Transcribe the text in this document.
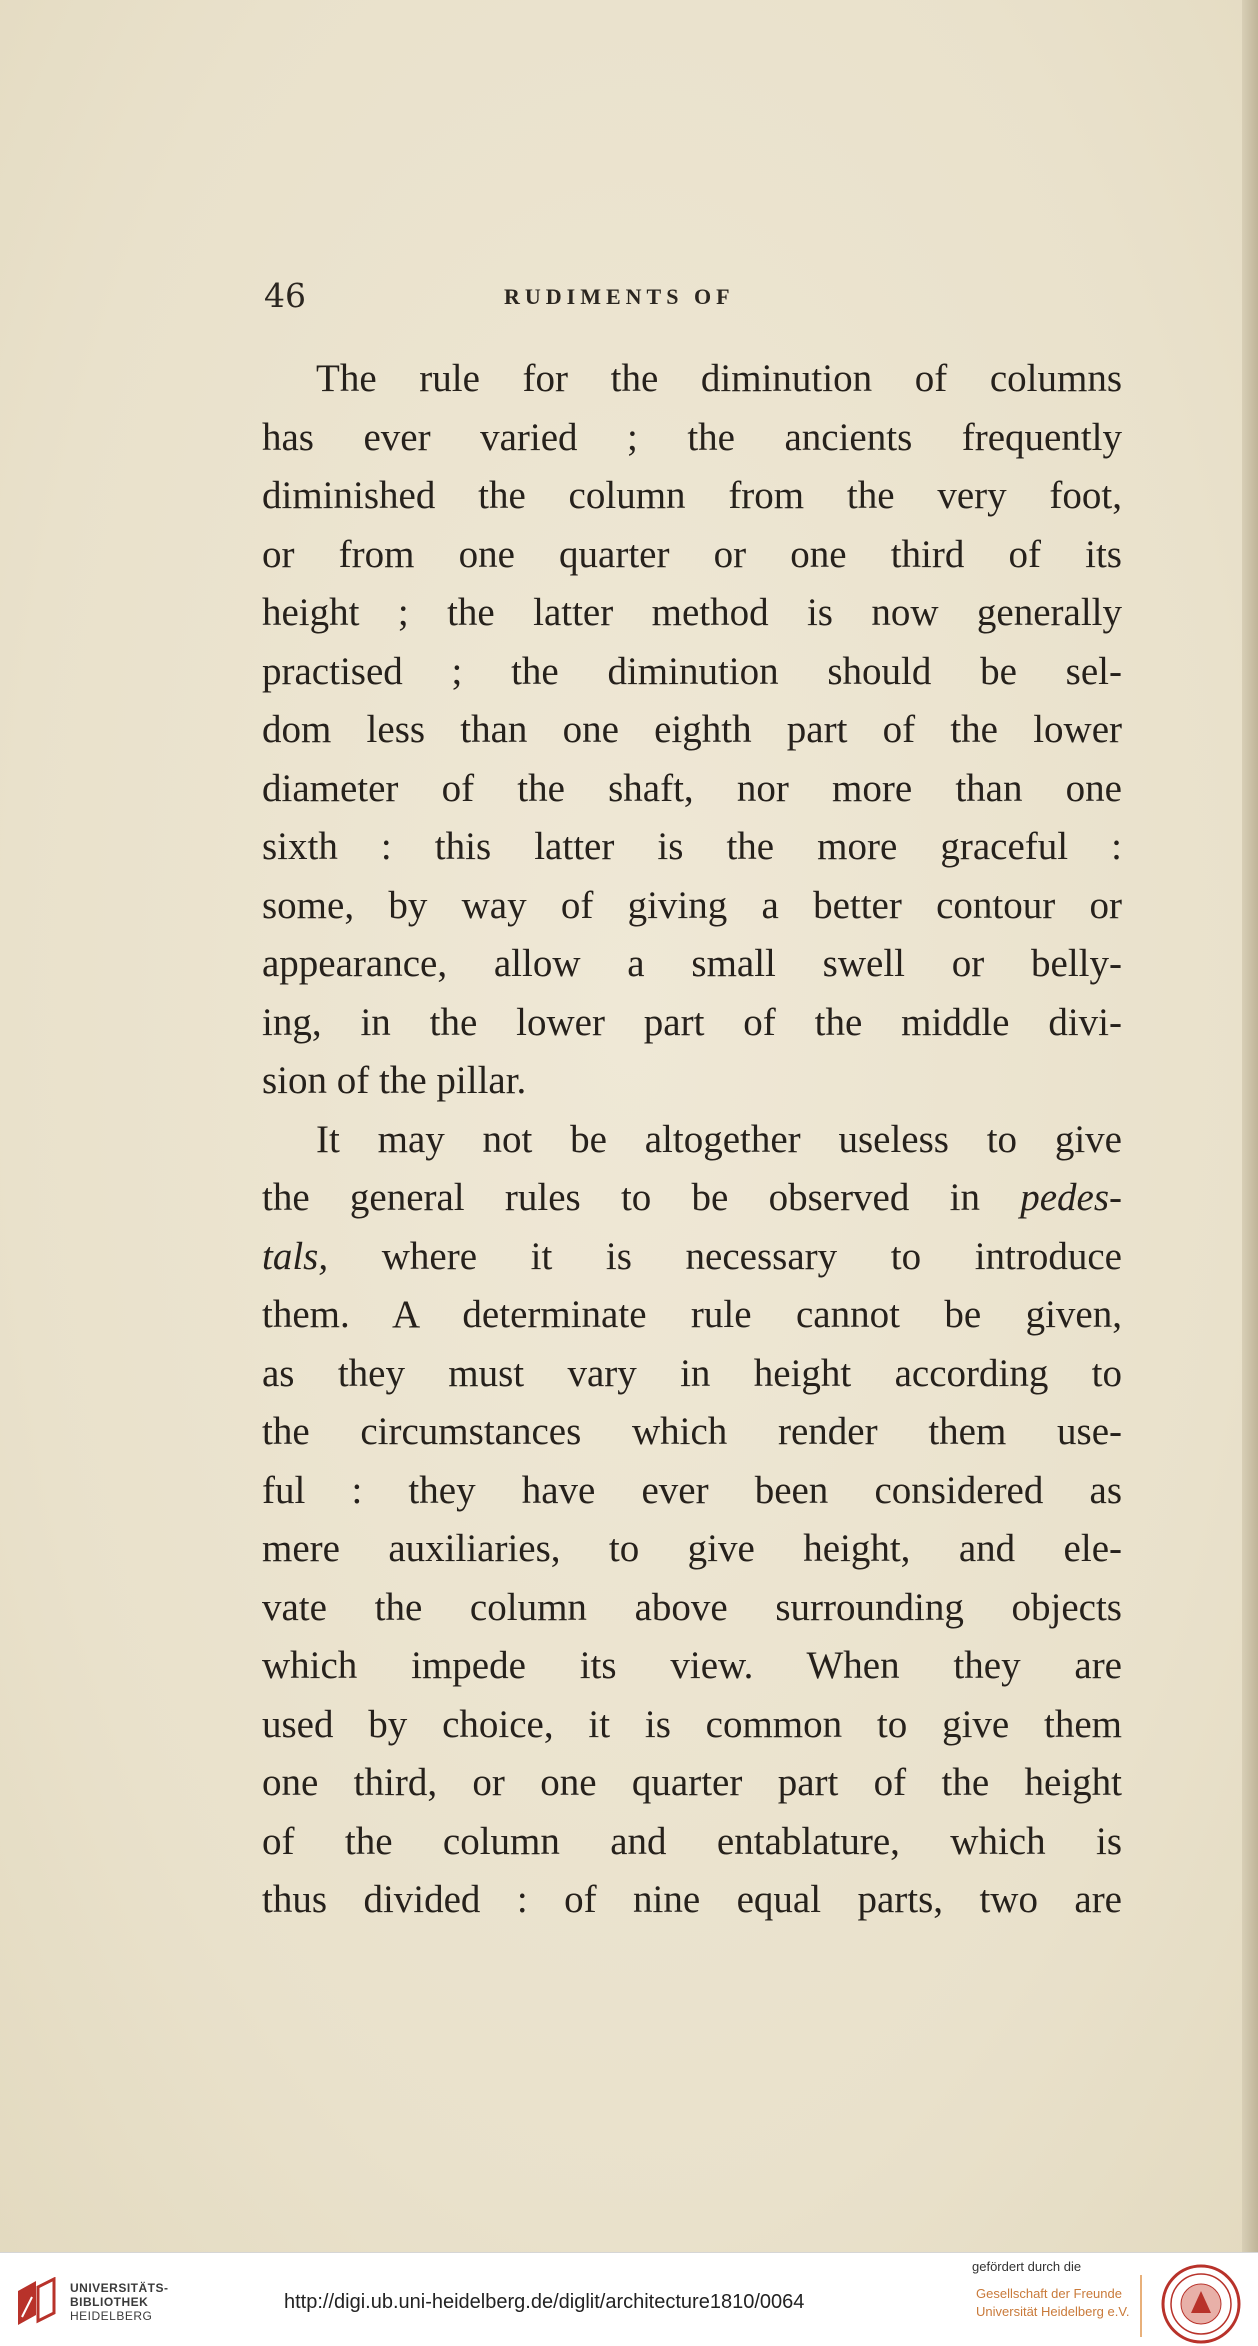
46	RUDIMENTS OF
The rule for the diminution of columns
has ever varied ; the ancients frequently
diminished the column from the very foot,
or from one quarter or one third of its
height ; the latter method is now generally
practised ; the diminution should be sel-
dom less than one eighth part of the lower
diameter of the shaft, nor more than one
sixth : this latter is the more graceful :
some, by way of giving a better contour or
appearance, allow a small swell or belly-
ing, in the lower part of the middle divi-
sion of the pillar.
It may not be altogether useless to give
the general rules to be observed in pedes-
tals, where it is necessary to introduce
them. A determinate rule cannot be given,
as they must vary in height according to
the circumstances which render them use-
ful : they have ever been considered as
mere auxiliaries, to give height, and ele-
vate the column above surrounding objects
which impede its view. When they are
used by choice, it is common to give them
one third, or one quarter part of the height
of the column and entablature, which is
thus divided : of nine equal parts, two are
UNIVERSITÄTS-
BIBLIOTHEK
HEIDELBERG
http://digi.ub.uni-heidelberg.de/diglit/architecture1810/0064
gefördert durch die
Gesellschaft der Freunde
Universität Heidelberg e.V.
